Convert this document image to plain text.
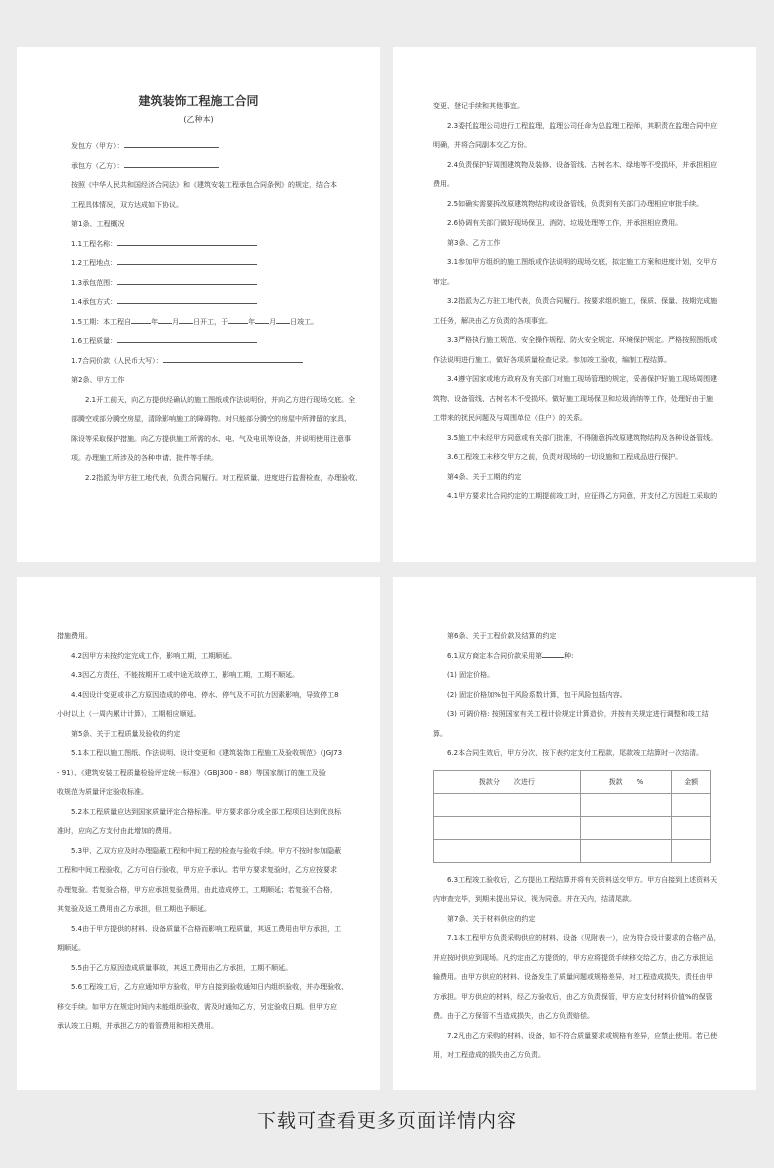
建筑装饰工程施工合同
(乙种本)
发包方（甲方）：
承包方（乙方）：
按照《中华人民共和国经济合同法》和《建筑安装工程承包合同条例》的规定，结合本
工程具体情况，双方达成如下协议。
第1条、工程概况
1.1工程名称：
1.2工程地点：
1.3承包范围：
1.4承包方式：
1.5工期：本工程自	年 月 日开工，于	年 月 日竣工。
1.6工程质量：
1.7合同价款（人民币大写）：
第2条、甲方工作
2.1开工前天，向乙方提供经确认的施工图纸或作法说明份，并向乙方进行现场交底。全
部腾空或部分腾空房屋，清除影响施工的障碍物。对只能部分腾空的房屋中所滞留的家具、
陈设等采取保护措施。向乙方提供施工所需的水、电、气及电讯等设备，并说明使用注意事
项。办理施工所涉及的各种申请、批件等手续。
2.2指派为甲方驻工地代表，负责合同履行。对工程质量、进度进行监督检查，办理验收、
变更、登记手续和其他事宜。
2.3委托监理公司进行工程监理，监理公司任命为总监理工程师，其职责在监理合同中应
明确，并将合同副本交乙方份。
2.4负责保护好周围建筑物及装修、设备管线、古树名木、绿地等不受损坏，并承担相应
费用。
2.5如确实需要拆改原建筑物结构或设备管线，负责到有关部门办理相应审批手续。
2.6协调有关部门做好现场保卫、消防、垃圾处理等工作，并承担相应费用。
第3条、乙方工作
3.1参加甲方组织的施工图纸或作法说明的现场交底，拟定施工方案和进度计划，交甲方
审定。
3.2指派为乙方驻工地代表，负责合同履行。按要求组织施工，保质、保量、按期完成施
工任务，解决由乙方负责的各项事宜。
3.3严格执行施工规范、安全操作规程、防火安全规定、环境保护规定。严格按照图纸或
作法说明进行施工，做好各项质量检查记录。参加竣工验收，编制工程结算。
3.4遵守国家或地方政府及有关部门对施工现场管理的规定，妥善保护好施工现场周围建
筑物、设备管线、古树名木不受损坏。做好施工现场保卫和垃圾消纳等工作，处理好由于施
工带来的扰民问题及与周围单位（住户）的关系。
3.5施工中未经甲方同意或有关部门批准，不得随意拆改原建筑物结构及各种设备管线。
3.6工程竣工未移交甲方之前，负责对现场的一切设施和工程成品进行保护。
第4条、关于工期的约定
4.1甲方要求比合同约定的工期提前竣工时，应征得乙方同意，并支付乙方因赶工采取的
措施费用。
4.2因甲方未按约定完成工作，影响工期，工期顺延。
4.3因乙方责任，不能按期开工或中途无故停工，影响工期，工期不顺延。
4.4因设计变更或非乙方原因造成的停电、停水、停气及不可抗力因素影响，导致停工8
小时以上（一周内累计计算），工期相应顺延。
第5条、关于工程质量及验收的约定
5.1本工程以施工图纸、作法说明、设计变更和《建筑装饰工程施工及验收规范》（JGJ73
- 91）、《建筑安装工程质量检验评定统一标准》（GBJ300 - 88）等国家制订的施工及验
收规范为质量评定验收标准。
5.2本工程质量应达到国家质量评定合格标准。甲方要求部分或全部工程项目达到优良标
准时，应向乙方支付由此增加的费用。
5.3甲、乙双方应及时办理隐蔽工程和中间工程的检查与验收手续。甲方不按时参加隐蔽
工程和中间工程验收，乙方可自行验收，甲方应予承认。若甲方要求复验时，乙方应按要求
办理复验。若复验合格，甲方应承担复验费用，由此造成停工，工期顺延；若复验不合格，
其复验及返工费用由乙方承担，但工期也予顺延。
5.4由于甲方提供的材料、设备质量不合格而影响工程质量，其返工费用由甲方承担，工
期顺延。
5.5由于乙方原因造成质量事故，其返工费用由乙方承担，工期不顺延。
5.6工程竣工后，乙方应通知甲方验收，甲方自接到验收通知日内组织验收，并办理验收、
移交手续。如甲方在规定时间内未能组织验收，需及时通知乙方，另定验收日期。但甲方应
承认竣工日期，并承担乙方的看管费用和相关费用。
第6条、关于工程价款及结算的约定
6.1双方商定本合同价款采用第	种:
(1) 固定价格。
(2) 固定价格加%包干风险系数计算，包干风险包括内容。
(3) 可调价格: 按照国家有关工程计价规定计算造价，并按有关规定进行调整和竣工结
算。
6.2本合同生效后，甲方分次，按下表约定支付工程款，尾款竣工结算时一次结清。
拨款分　　次进行	拨款　　%	金额

6.3工程竣工验收后，乙方提出工程结算并将有关资料送交甲方。甲方自接到上述资料天
内审查完毕，到期未提出异议，视为同意。并在天内，结清尾款。
第7条、关于材料供应的约定
7.1本工程甲方负责采购供应的材料、设备（见附表一），应为符合设计要求的合格产品，
并应按时供应到现场。凡约定由乙方提货的，甲方应将提货手续移交给乙方，由乙方承担运
输费用。由甲方供应的材料、设备发生了质量问题或规格差异，对工程造成损失，责任由甲
方承担。甲方供应的材料，经乙方验收后，由乙方负责保管，甲方应支付材料价值%的保管
费。由于乙方保管不当造成损失，由乙方负责赔偿。
7.2凡由乙方采购的材料、设备，如不符合质量要求或规格有差异，应禁止使用。若已使
用，对工程造成的损失由乙方负责。
下载可查看更多页面详情内容
